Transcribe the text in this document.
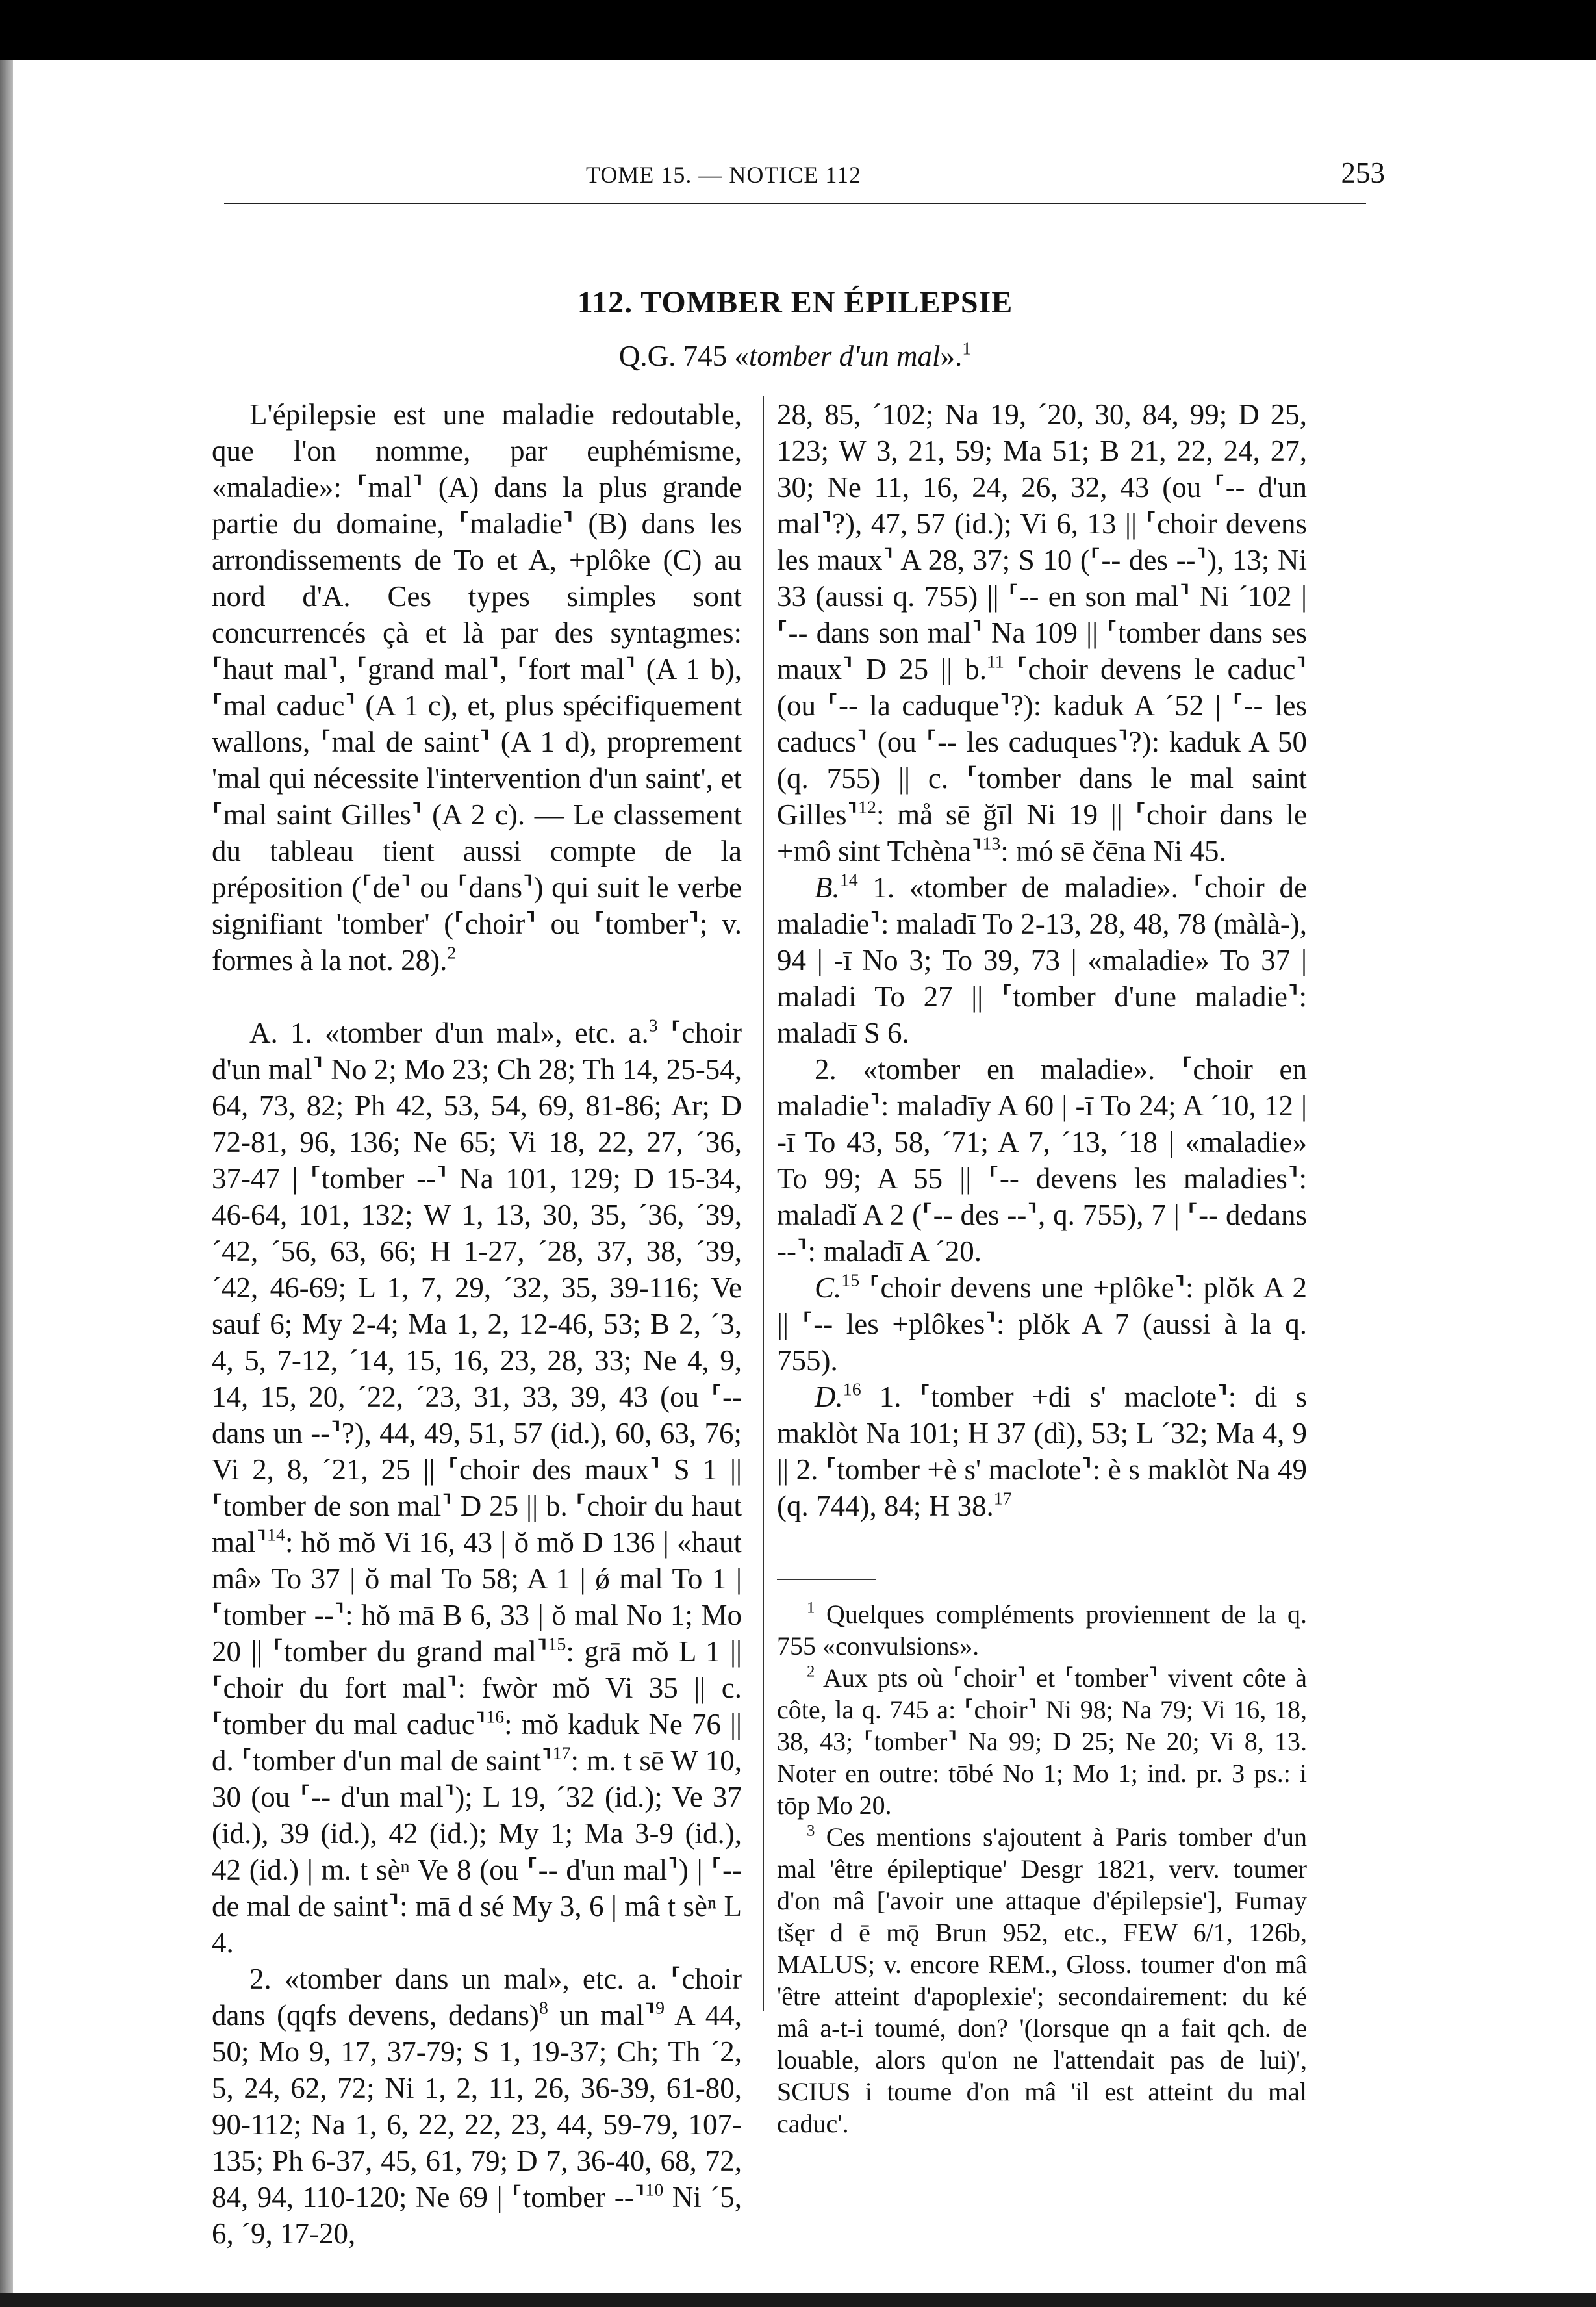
TOME 15. — NOTICE 112	253
112. TOMBER EN ÉPILEPSIE
Q.G. 745 «tomber d'un mal».$^1$

L'épilepsie est une maladie redoutable, que l'on nomme, par euphémisme, «maladie»: ⸢mal⸣ (A) dans la plus grande partie du domaine, ⸢maladie⸣ (B) dans les arrondissements de To et A, +plôke (C) au nord d'A. Ces types simples sont concurrencés çà et là par des syntagmes: ⸢haut mal⸣, ⸢grand mal⸣, ⸢fort mal⸣ (A 1 b), ⸢mal caduc⸣ (A 1 c), et, plus spécifiquement wallons, ⸢mal de saint⸣ (A 1 d), proprement 'mal qui nécessite l'intervention d'un saint', et ⸢mal saint Gilles⸣ (A 2 c). — Le classement du tableau tient aussi compte de la préposition (⸢de⸣ ou ⸢dans⸣) qui suit le verbe signifiant 'tomber' (⸢choir⸣ ou ⸢tomber⸣; v. formes à la not. 28).$^2$

A. 1. «tomber d'un mal», etc. a.$^3$ ⸢choir d'un mal⸣ No 2; Mo 23; Ch 28; Th 14, 25-54, 64, 73, 82; Ph 42, 53, 54, 69, 81-86; Ar; D 72-81, 96, 136; Ne 65; Vi 18, 22, 27, ´36, 37-47 | ⸢tomber --⸣ Na 101, 129; D 15-34, 46-64, 101, 132; W 1, 13, 30, 35, ´36, ´39, ´42, ´56, 63, 66; H 1-27, ´28, 37, 38, ´39, ´42, 46-69; L 1, 7, 29, ´32, 35, 39-116; Ve sauf 6; My 2-4; Ma 1, 2, 12-46, 53; B 2, ´3, 4, 5, 7-12, ´14, 15, 16, 23, 28, 33; Ne 4, 9, 14, 15, 20, ´22, ´23, 31, 33, 39, 43 (ou ⸢-- dans un --⸣?), 44, 49, 51, 57 (id.), 60, 63, 76; Vi 2, 8, ´21, 25 || ⸢choir des maux⸣ S 1 || ⸢tomber de son mal⸣ D 25 || b. ⸢choir du haut mal⸣$^{14}$: hŏ mŏ Vi 16, 43 | ŏ mŏ D 136 | «haut mâ» To 37 | ŏ mal To 58; A 1 | ǿ mal To 1 | ⸢tomber --⸣: hŏ mā B 6, 33 | ŏ mal No 1; Mo 20 || ⸢tomber du grand mal⸣$^{15}$: grā mŏ L 1 || ⸢choir du fort mal⸣: fwòr mŏ Vi 35 || c. ⸢tomber du mal caduc⸣$^{16}$: mŏ kaduk Ne 76 || d. ⸢tomber d'un mal de saint⸣$^{17}$: m. t sē W 10, 30 (ou ⸢-- d'un mal⸣); L 19, ´32 (id.); Ve 37 (id.), 39 (id.), 42 (id.); My 1; Ma 3-9 (id.), 42 (id.) | m. t sèⁿ Ve 8 (ou ⸢-- d'un mal⸣) | ⸢-- de mal de saint⸣: mā d sé My 3, 6 | mâ t sèⁿ L 4.

2. «tomber dans un mal», etc. a. ⸢choir dans (qqfs devens, dedans)$^8$ un mal⸣$^9$ A 44, 50; Mo 9, 17, 37-79; S 1, 19-37; Ch; Th ´2, 5, 24, 62, 72; Ni 1, 2, 11, 26, 36-39, 61-80, 90-112; Na 1, 6, 22, 22, 23, 44, 59-79, 107-135; Ph 6-37, 45, 61, 79; D 7, 36-40, 68, 72, 84, 94, 110-120; Ne 69 | ⸢tomber --⸣$^{10}$ Ni ´5, 6, ´9, 17-20,

28, 85, ´102; Na 19, ´20, 30, 84, 99; D 25, 123; W 3, 21, 59; Ma 51; B 21, 22, 24, 27, 30; Ne 11, 16, 24, 26, 32, 43 (ou ⸢-- d'un mal⸣?), 47, 57 (id.); Vi 6, 13 || ⸢choir devens les maux⸣ A 28, 37; S 10 (⸢-- des --⸣), 13; Ni 33 (aussi q. 755) || ⸢-- en son mal⸣ Ni ´102 | ⸢-- dans son mal⸣ Na 109 || ⸢tomber dans ses maux⸣ D 25 || b.$^{11}$ ⸢choir devens le caduc⸣ (ou ⸢-- la caduque⸣?): kaduk A ´52 | ⸢-- les caducs⸣ (ou ⸢-- les caduques⸣?): kaduk A 50 (q. 755) || c. ⸢tomber dans le mal saint Gilles⸣$^{12}$: må sē ğīl Ni 19 || ⸢choir dans le +mô sint Tchèna⸣$^{13}$: mó sē čēna Ni 45.

B.$^{14}$ 1. «tomber de maladie». ⸢choir de maladie⸣: maladī To 2-13, 28, 48, 78 (màlà-), 94 | -ī No 3; To 39, 73 | «maladie» To 37 | maladi To 27 || ⸢tomber d'une maladie⸣: maladī S 6.

2. «tomber en maladie». ⸢choir en maladie⸣: maladīy A 60 | -ī To 24; A ´10, 12 | -ī To 43, 58, ´71; A 7, ´13, ´18 | «maladie» To 99; A 55 || ⸢-- devens les maladies⸣: maladĭ A 2 (⸢-- des --⸣, q. 755), 7 | ⸢-- dedans --⸣: maladī A ´20.

C.$^{15}$ ⸢choir devens une +plôke⸣: plŏk A 2 || ⸢-- les +plôkes⸣: plŏk A 7 (aussi à la q. 755).

D.$^{16}$ 1. ⸢tomber +di s' maclote⸣: di s maklòt Na 101; H 37 (dì), 53; L ´32; Ma 4, 9 || 2. ⸢tomber +è s' maclote⸣: è s maklòt Na 49 (q. 744), 84; H 38.17

$^1$ Quelques compléments proviennent de la q. 755 «convulsions».

$^2$ Aux pts où ⸢choir⸣ et ⸢tomber⸣ vivent côte à côte, la q. 745 a: ⸢choir⸣ Ni 98; Na 79; Vi 16, 18, 38, 43; ⸢tomber⸣ Na 99; D 25; Ne 20; Vi 8, 13. Noter en outre: tōbé No 1; Mo 1; ind. pr. 3 ps.: i tōp Mo 20.

$^3$ Ces mentions s'ajoutent à Paris tomber d'un mal 'être épileptique' Desgr 1821, verv. toumer d'on mâ ['avoir une attaque d'épilepsie'], Fumay tšęr d ē mǭ Brun 952, etc., FEW 6/1, 126b, MALUS; v. encore REM., Gloss. toumer d'on mâ 'être atteint d'apoplexie'; secondairement: du ké mâ a-t-i toumé, don? '(lorsque qn a fait qch. de louable, alors qu'on ne l'attendait pas de lui)', SCIUS i toume d'on mâ 'il est atteint du mal caduc'.
